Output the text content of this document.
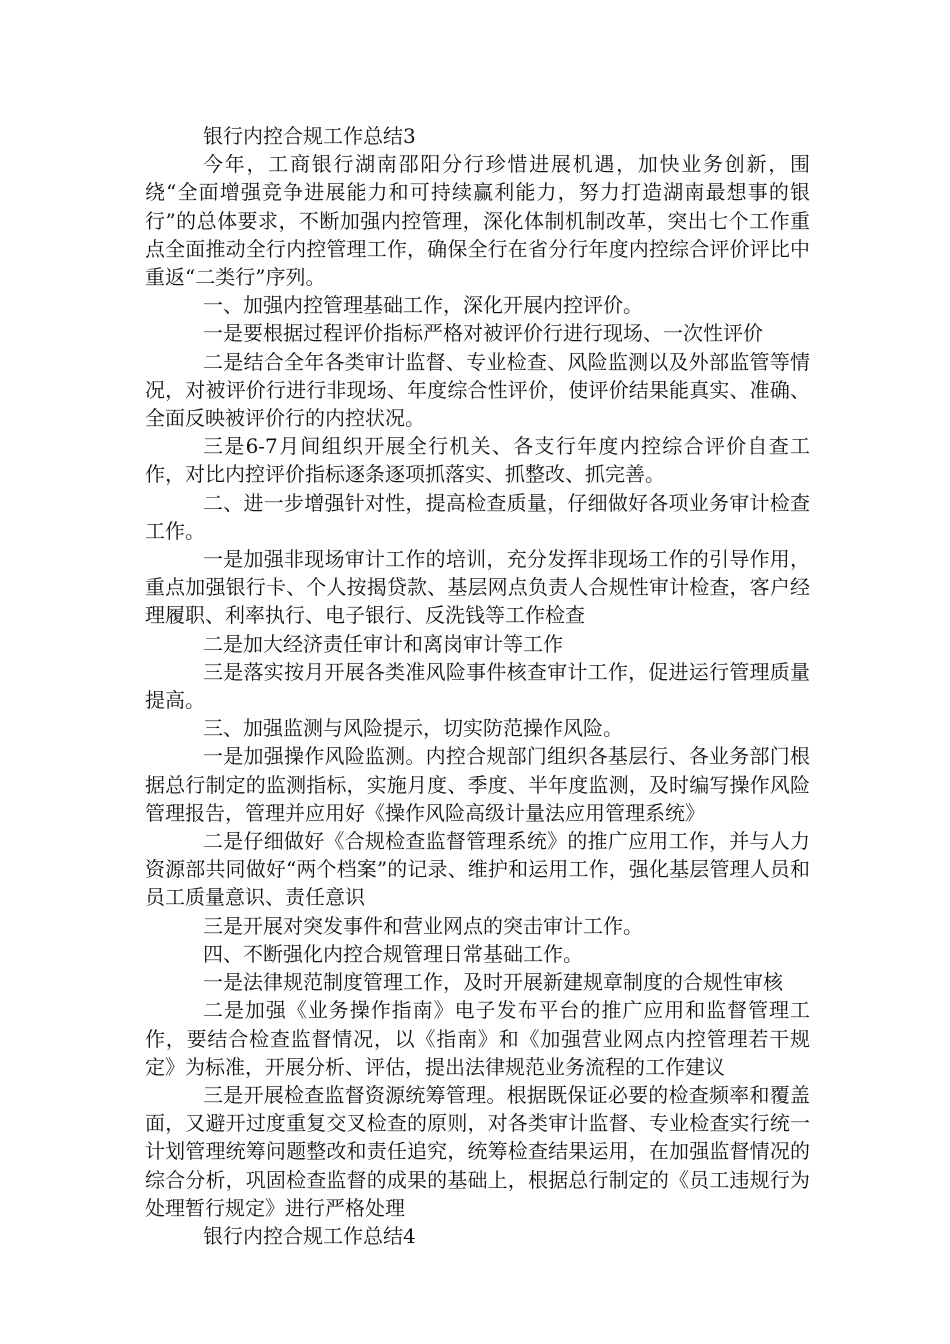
银行内控合规工作总结3

今年，工商银行湖南邵阳分行珍惜进展机遇，加快业务创新，围绕“全面增强竞争进展能力和可持续赢利能力，努力打造湖南最想事的银行”的总体要求，不断加强内控管理，深化体制机制改革，突出七个工作重点全面推动全行内控管理工作，确保全行在省分行年度内控综合评价评比中重返“二类行”序列。

一、加强内控管理基础工作，深化开展内控评价。

一是要根据过程评价指标严格对被评价行进行现场、一次性评价

二是结合全年各类审计监督、专业检查、风险监测以及外部监管等情况，对被评价行进行非现场、年度综合性评价，使评价结果能真实、准确、全面反映被评价行的内控状况。

三是6-7月间组织开展全行机关、各支行年度内控综合评价自查工作，对比内控评价指标逐条逐项抓落实、抓整改、抓完善。

二、进一步增强针对性，提高检查质量，仔细做好各项业务审计检查工作。

一是加强非现场审计工作的培训，充分发挥非现场工作的引导作用，重点加强银行卡、个人按揭贷款、基层网点负责人合规性审计检查，客户经理履职、利率执行、电子银行、反洗钱等工作检查

二是加大经济责任审计和离岗审计等工作

三是落实按月开展各类准风险事件核查审计工作，促进运行管理质量提高。

三、加强监测与风险提示，切实防范操作风险。

一是加强操作风险监测。内控合规部门组织各基层行、各业务部门根据总行制定的监测指标，实施月度、季度、半年度监测，及时编写操作风险管理报告，管理并应用好《操作风险高级计量法应用管理系统》

二是仔细做好《合规检查监督管理系统》的推广应用工作，并与人力资源部共同做好“两个档案”的记录、维护和运用工作，强化基层管理人员和员工质量意识、责任意识

三是开展对突发事件和营业网点的突击审计工作。

四、不断强化内控合规管理日常基础工作。

一是法律规范制度管理工作，及时开展新建规章制度的合规性审核

二是加强《业务操作指南》电子发布平台的推广应用和监督管理工作，要结合检查监督情况，以《指南》和《加强营业网点内控管理若干规定》为标准，开展分析、评估，提出法律规范业务流程的工作建议

三是开展检查监督资源统筹管理。根据既保证必要的检查频率和覆盖面，又避开过度重复交叉检查的原则，对各类审计监督、专业检查实行统一计划管理统筹问题整改和责任追究，统筹检查结果运用，在加强监督情况的综合分析，巩固检查监督的成果的基础上，根据总行制定的《员工违规行为处理暂行规定》进行严格处理

银行内控合规工作总结4
